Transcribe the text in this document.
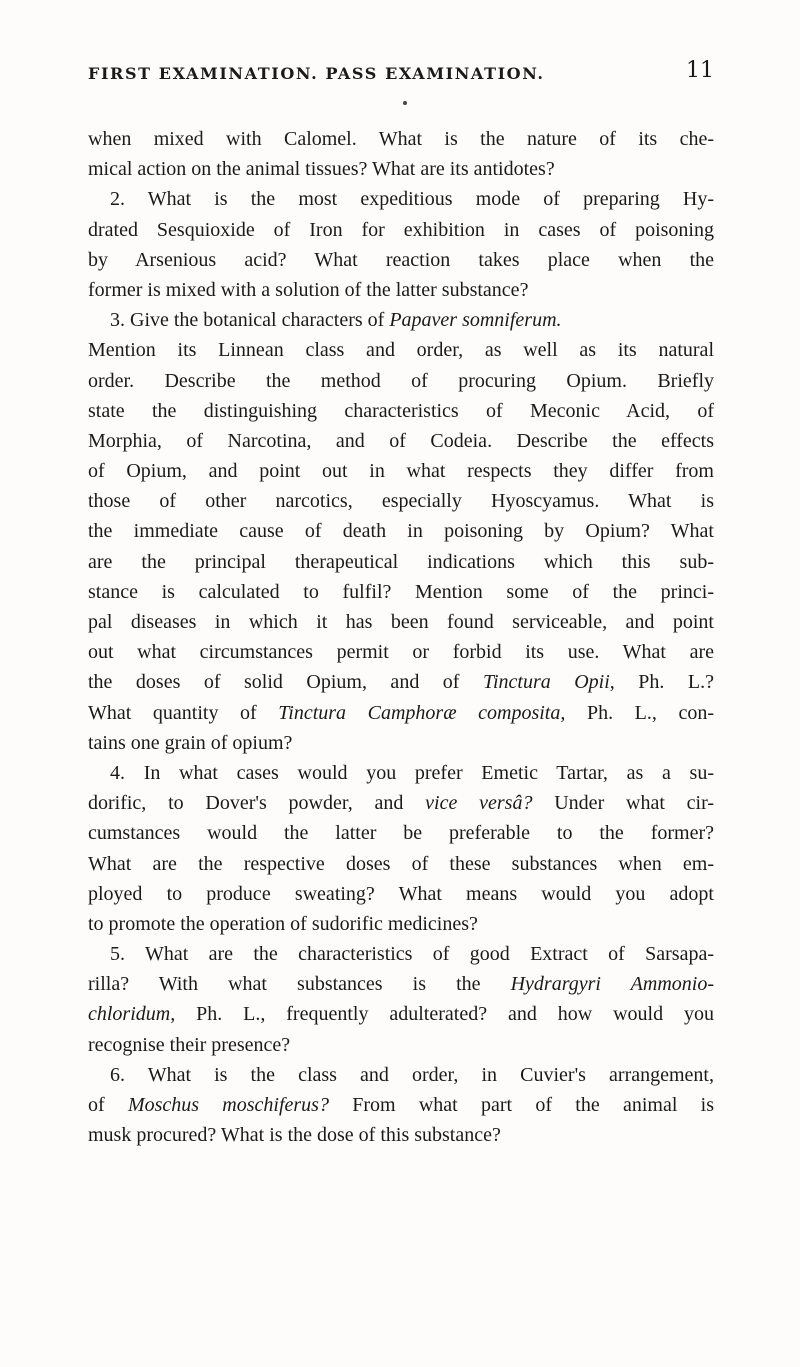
FIRST EXAMINATION. PASS EXAMINATION.	11
when mixed with Calomel. What is the nature of its che-
mical action on the animal tissues? What are its antidotes?
2. What is the most expeditious mode of preparing Hy-
drated Sesquioxide of Iron for exhibition in cases of poisoning
by Arsenious acid? What reaction takes place when the
former is mixed with a solution of the latter substance?
3. Give the botanical characters of Papaver somniferum.
Mention its Linnean class and order, as well as its natural
order. Describe the method of procuring Opium. Briefly
state the distinguishing characteristics of Meconic Acid, of
Morphia, of Narcotina, and of Codeia. Describe the effects
of Opium, and point out in what respects they differ from
those of other narcotics, especially Hyoscyamus. What is
the immediate cause of death in poisoning by Opium? What
are the principal therapeutical indications which this sub-
stance is calculated to fulfil? Mention some of the princi-
pal diseases in which it has been found serviceable, and point
out what circumstances permit or forbid its use. What are
the doses of solid Opium, and of Tinctura Opii, Ph. L.?
What quantity of Tinctura Camphoræ composita, Ph. L., con-
tains one grain of opium?
4. In what cases would you prefer Emetic Tartar, as a su-
dorific, to Dover's powder, and vice versâ? Under what cir-
cumstances would the latter be preferable to the former?
What are the respective doses of these substances when em-
ployed to produce sweating? What means would you adopt
to promote the operation of sudorific medicines?
5. What are the characteristics of good Extract of Sarsapa-
rilla? With what substances is the Hydrargyri Ammonio-
chloridum, Ph. L., frequently adulterated? and how would you
recognise their presence?
6. What is the class and order, in Cuvier's arrangement,
of Moschus moschiferus? From what part of the animal is
musk procured? What is the dose of this substance?
